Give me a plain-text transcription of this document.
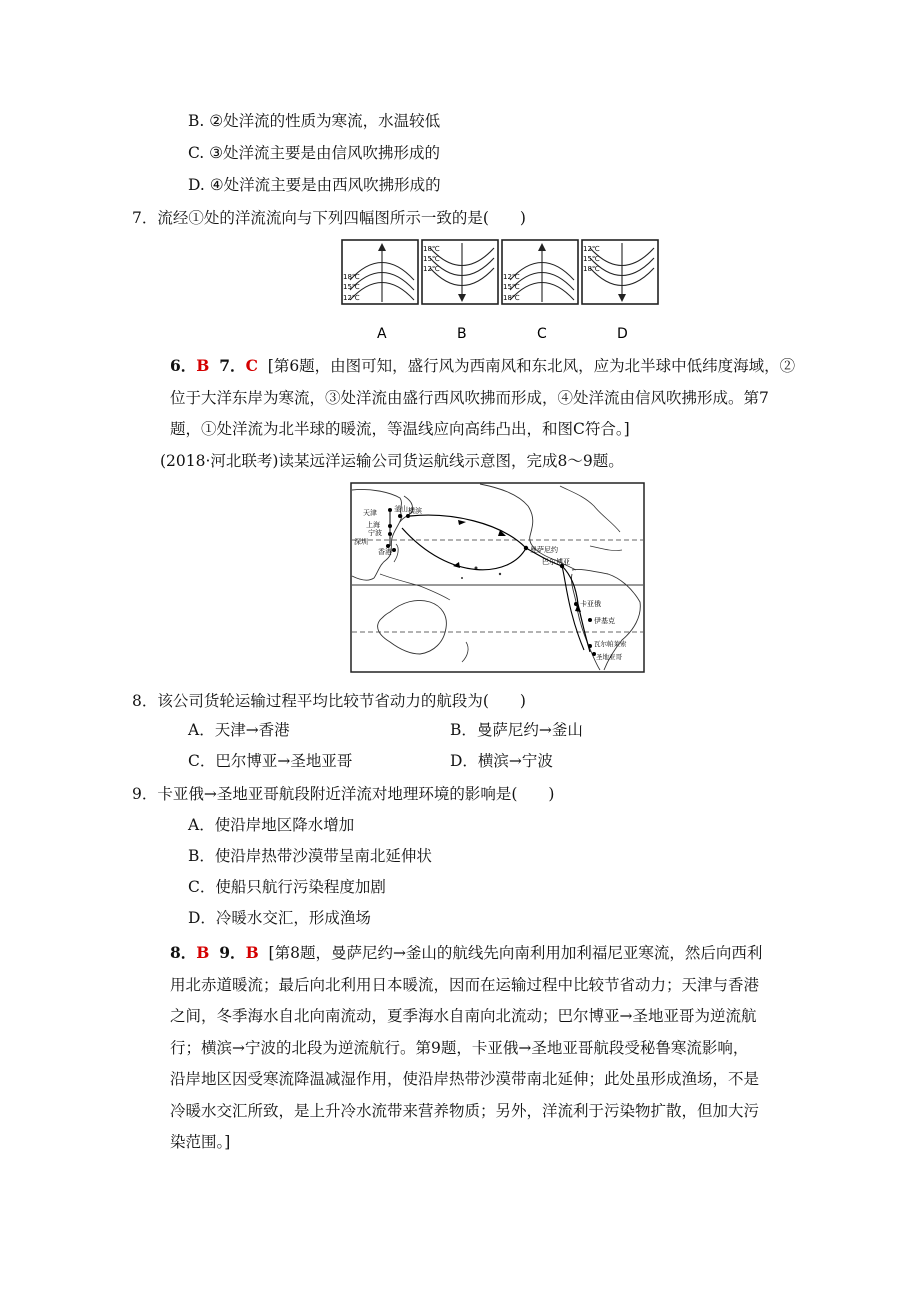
B. ②处洋流的性质为寒流，水温较低
C. ③处洋流主要是由信风吹拂形成的
D. ④处洋流主要是由西风吹拂形成的
7．流经①处的洋流流向与下列四幅图所示一致的是(　　)
18℃
15℃
12℃
A
18℃
15℃
12℃
B
12℃
15℃
18℃
C
12℃
15℃
18℃
D
6．B 7．C [第6题，由图可知，盛行风为西南风和东北风，应为北半球中低纬度海域，②
位于大洋东岸为寒流，③处洋流由盛行西风吹拂而形成，④处洋流由信风吹拂形成。第7
题，①处洋流为北半球的暖流，等温线应向高纬凸出，和图C符合。]
(2018·河北联考)读某远洋运输公司货运航线示意图，完成8～9题。
天津 釜山 横滨
上海
宁波
深圳
香港	曼萨尼约
巴尔博亚
卡亚俄
伊基克
瓦尔帕莱索
圣地亚哥
8．该公司货轮运输过程平均比较节省动力的航段为(　　)
A．天津→香港	B．曼萨尼约→釜山
C．巴尔博亚→圣地亚哥	D．横滨→宁波
9．卡亚俄→圣地亚哥航段附近洋流对地理环境的影响是(　　)
A．使沿岸地区降水增加
B．使沿岸热带沙漠带呈南北延伸状
C．使船只航行污染程度加剧
D．冷暖水交汇，形成渔场
8．B 9．B [第8题，曼萨尼约→釜山的航线先向南利用加利福尼亚寒流，然后向西利
用北赤道暖流；最后向北利用日本暖流，因而在运输过程中比较节省动力；天津与香港
之间，冬季海水自北向南流动，夏季海水自南向北流动；巴尔博亚→圣地亚哥为逆流航
行；横滨→宁波的北段为逆流航行。第9题，卡亚俄→圣地亚哥航段受秘鲁寒流影响，
沿岸地区因受寒流降温减湿作用，使沿岸热带沙漠带南北延伸；此处虽形成渔场，不是
冷暖水交汇所致，是上升冷水流带来营养物质；另外，洋流利于污染物扩散，但加大污
染范围。]
